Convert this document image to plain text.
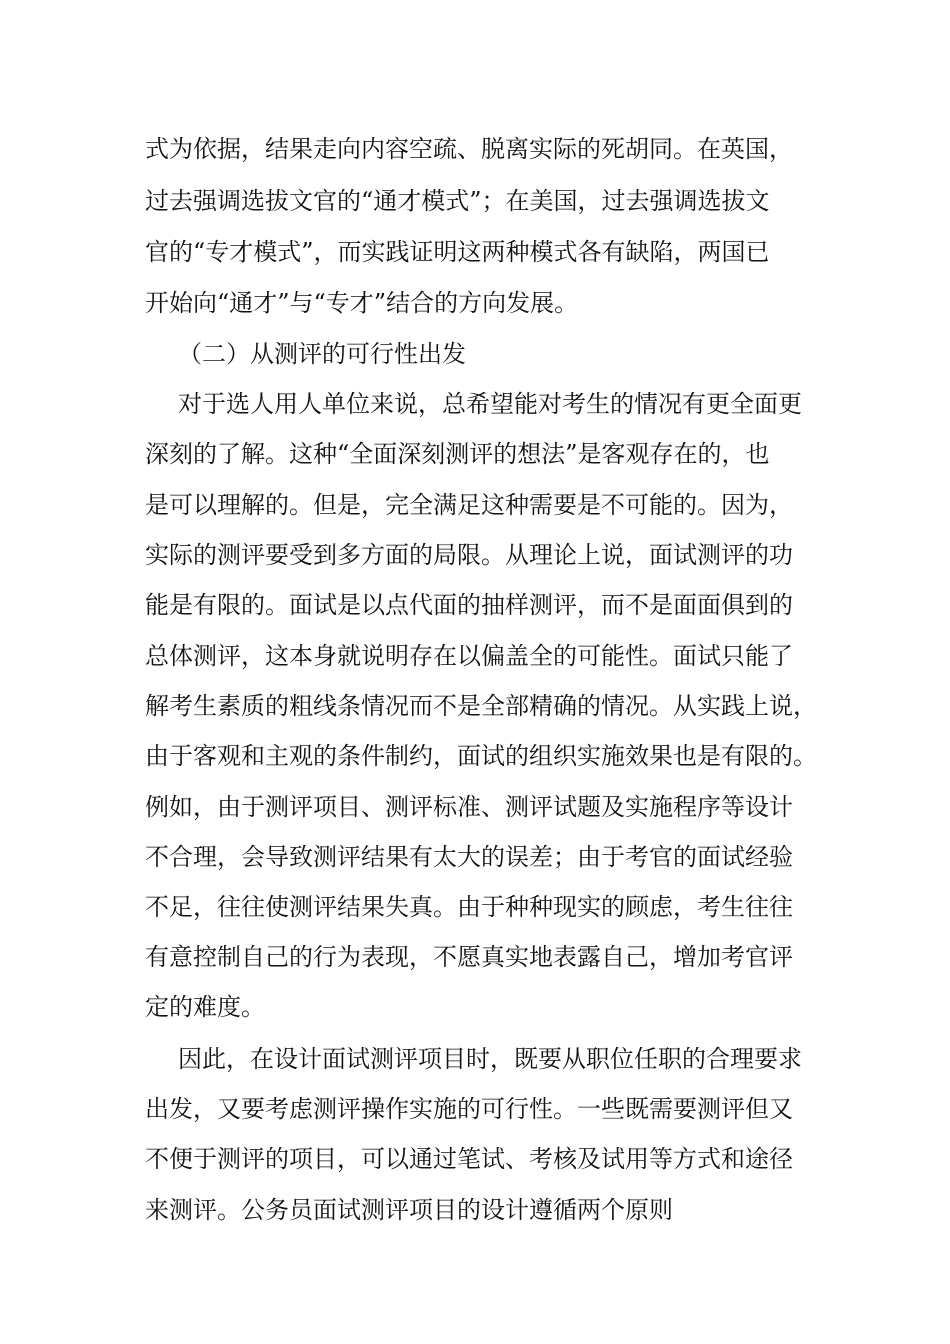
式为依据，结果走向内容空疏、脱离实际的死胡同。在英国，
过去强调选拔文官的“通才模式”；在美国，过去强调选拔文
官的“专才模式”，而实践证明这两种模式各有缺陷，两国已
开始向“通才”与“专才”结合的方向发展。
（二）从测评的可行性出发
对于选人用人单位来说，总希望能对考生的情况有更全面更
深刻的了解。这种“全面深刻测评的想法”是客观存在的，也
是可以理解的。但是，完全满足这种需要是不可能的。因为，
实际的测评要受到多方面的局限。从理论上说，面试测评的功
能是有限的。面试是以点代面的抽样测评，而不是面面俱到的
总体测评，这本身就说明存在以偏盖全的可能性。面试只能了
解考生素质的粗线条情况而不是全部精确的情况。从实践上说，
由于客观和主观的条件制约，面试的组织实施效果也是有限的。
例如，由于测评项目、测评标准、测评试题及实施程序等设计
不合理，会导致测评结果有太大的误差；由于考官的面试经验
不足，往往使测评结果失真。由于种种现实的顾虑，考生往往
有意控制自己的行为表现，不愿真实地表露自己，增加考官评
定的难度。
因此，在设计面试测评项目时，既要从职位任职的合理要求
出发，又要考虑测评操作实施的可行性。一些既需要测评但又
不便于测评的项目，可以通过笔试、考核及试用等方式和途径
来测评。公务员面试测评项目的设计遵循两个原则
